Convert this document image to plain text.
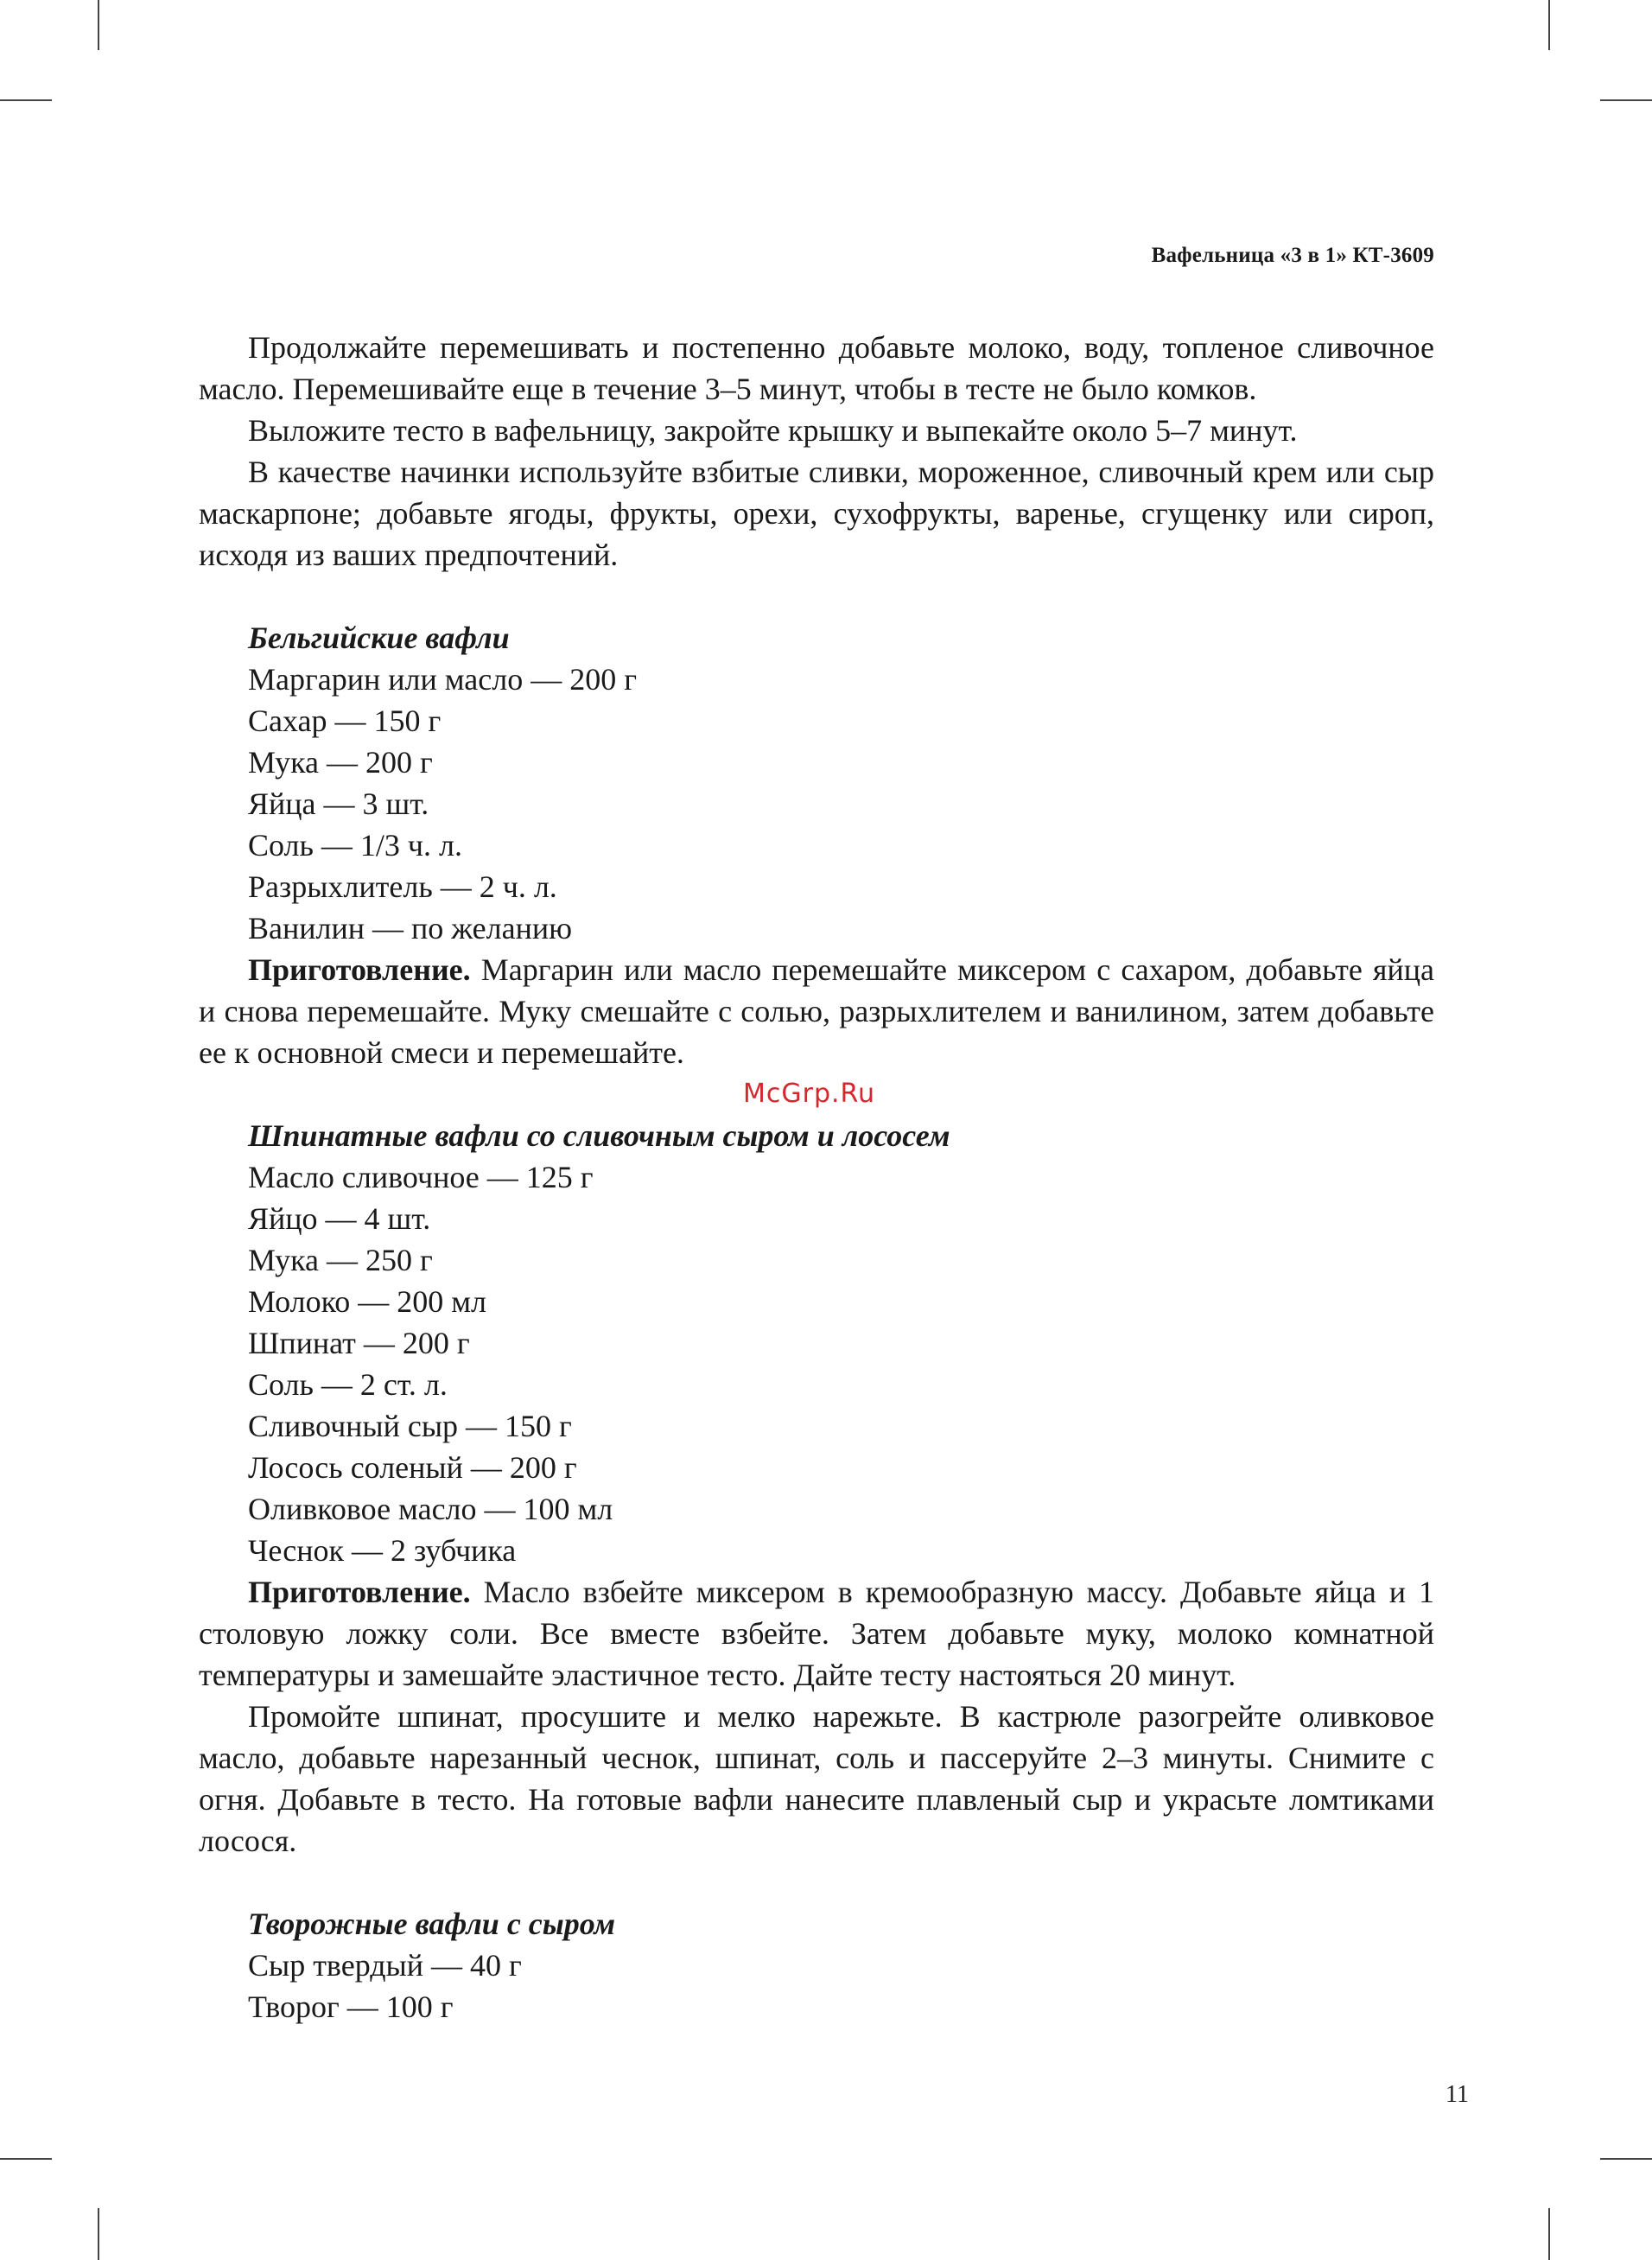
Вафельница «3 в 1» КТ-3609

Продолжайте перемешивать и постепенно добавьте молоко, воду, топленое сливочное масло. Перемешивайте еще в течение 3–5 минут, чтобы в тесте не было комков.

Выложите тесто в вафельницу, закройте крышку и выпекайте около 5–7 минут.

В качестве начинки используйте взбитые сливки, мороженное, сливочный крем или сыр маскарпоне; добавьте ягоды, фрукты, орехи, сухофрукты, варенье, сгущенку или сироп, исходя из ваших предпочтений.

Бельгийские вафли

Маргарин или масло — 200 г

Сахар — 150 г

Мука — 200 г

Яйца — 3 шт.

Соль — 1/3 ч. л.

Разрыхлитель — 2 ч. л.

Ванилин — по желанию

Приготовление. Маргарин или масло перемешайте миксером с сахаром, добавьте яйца и снова перемешайте. Муку смешайте с солью, разрыхлителем и ванилином, затем добавьте ее к основной смеси и перемешайте.

McGrp.Ru

Шпинатные вафли со сливочным сыром и лососем

Масло сливочное — 125 г

Яйцо — 4 шт.

Мука — 250 г

Молоко — 200 мл

Шпинат — 200 г

Соль — 2 ст. л.

Сливочный сыр — 150 г

Лосось соленый — 200 г

Оливковое масло — 100 мл

Чеснок — 2 зубчика

Приготовление. Масло взбейте миксером в кремообразную массу. Добавьте яйца и 1 столовую ложку соли. Все вместе взбейте. Затем добавьте муку, молоко комнатной температуры и замешайте эластичное тесто. Дайте тесту настояться 20 минут.

Промойте шпинат, просушите и мелко нарежьте. В кастрюле разогрейте оливковое масло, добавьте нарезанный чеснок, шпинат, соль и пассеруйте 2–3 минуты. Снимите с огня. Добавьте в тесто. На готовые вафли нанесите плавленый сыр и украсьте ломтиками лосося.

Творожные вафли с сыром

Сыр твердый — 40 г

Творог — 100 г

11
